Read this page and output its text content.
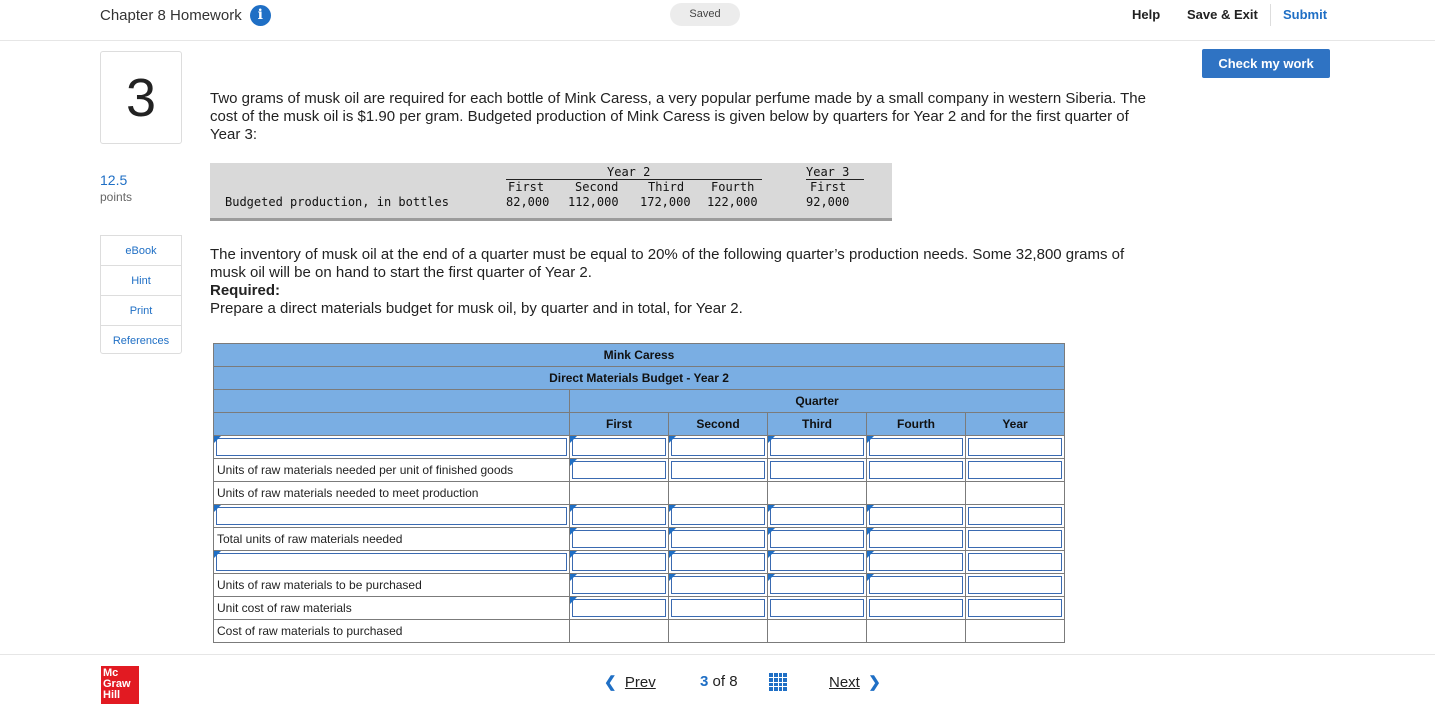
Chapter 8 Homework	i	Saved	Help Save & Exit Submit
Check my work
3
12.5
points
eBook
Hint
Print
References
Two grams of musk oil are required for each bottle of Mink Caress, a very popular perfume made by a small company in western Siberia. The cost of the musk oil is $1.90 per gram. Budgeted production of Mink Caress is given below by quarters for Year 2 and for the first quarter of Year 3:
Year 2	Year 3
First	Second Third Fourth	First
Budgeted production, in bottles	82,000 112,000 172,000 122,000	92,000
The inventory of musk oil at the end of a quarter must be equal to 20% of the following quarter’s production needs. Some 32,800 grams of musk oil will be on hand to start the first quarter of Year 2.
Required:
Prepare a direct materials budget for musk oil, by quarter and in total, for Year 2.
Mink Caress					
Direct Materials Budget - Year 2					
	Quarter				
	First	Second	Third	Fourth	Year

Units of raw materials needed per unit of finished goods	

Units of raw materials needed to meet production					

Total units of raw materials needed	

Units of raw materials to be purchased	

Unit cost of raw materials	

Cost of raw materials to purchased					
Mc
Graw
Hill
❮ Prev	3 of 8	Next ❯
